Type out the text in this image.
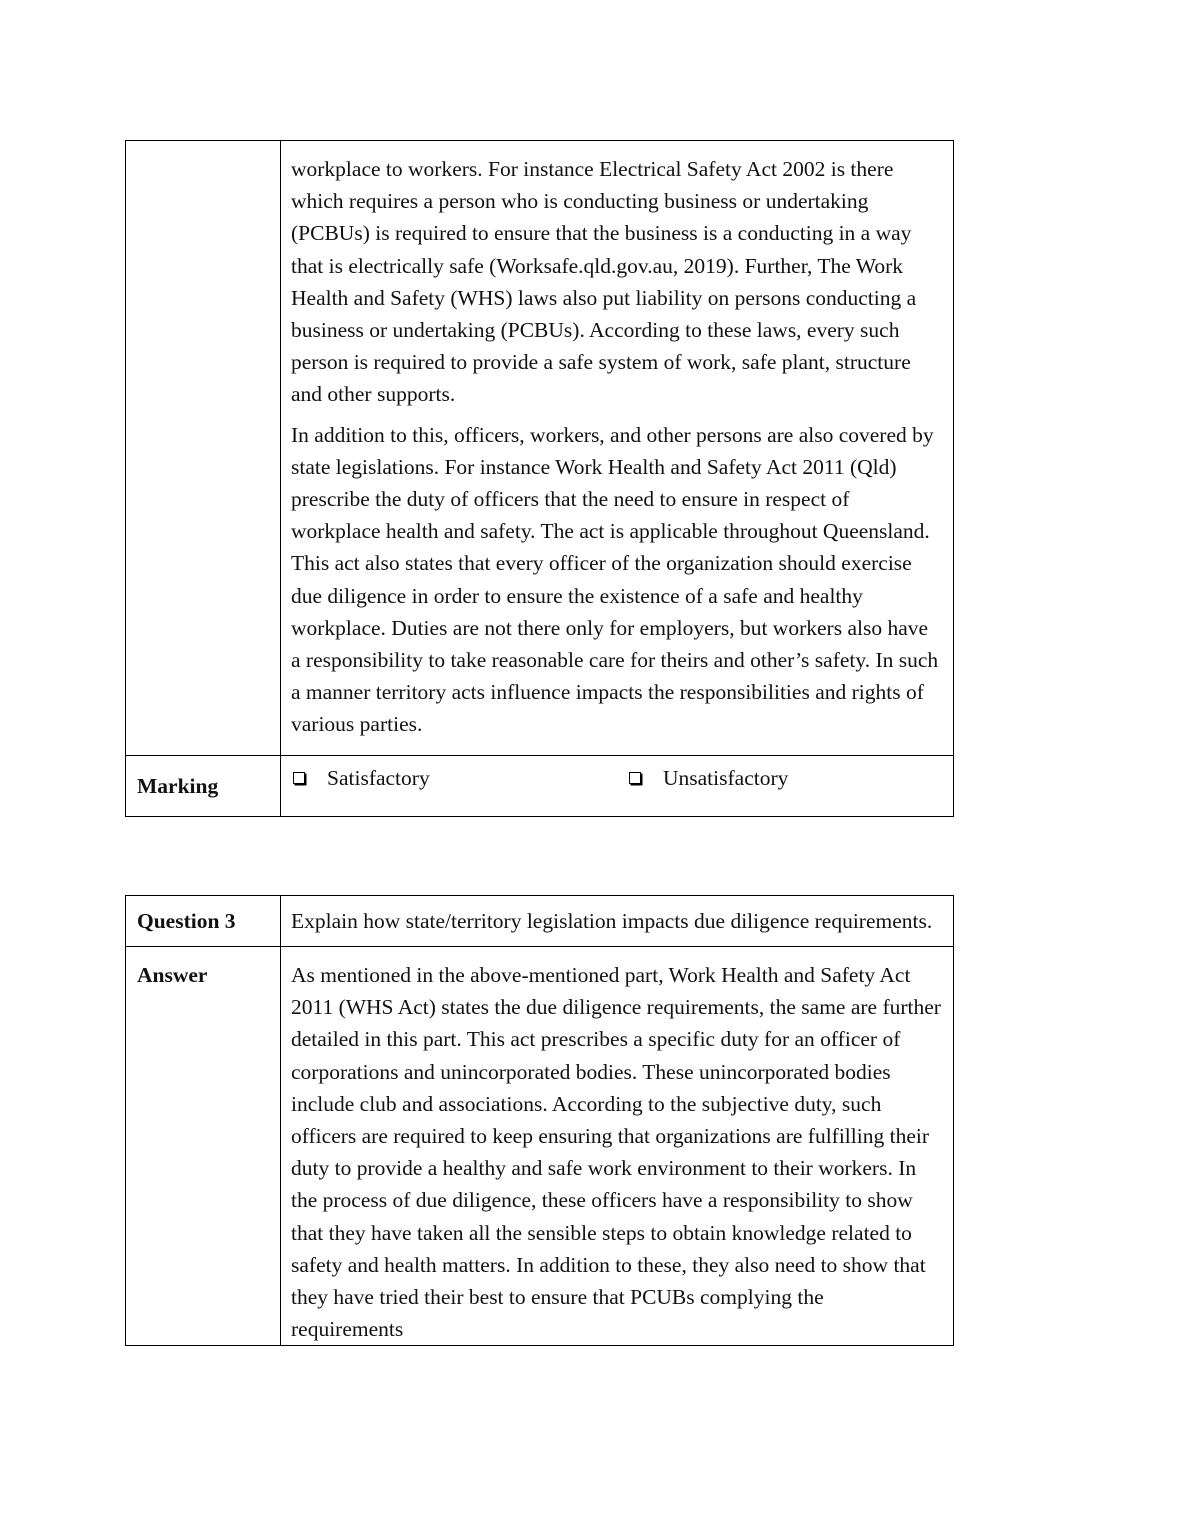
	workplace to workers. For instance Electrical Safety Act 2002 is there which requires a person who is conducting business or undertaking (PCBUs) is required to ensure that the business is a conducting in a way that is electrically safe (Worksafe.qld.gov.au, 2019). Further, The Work Health and Safety (WHS) laws also put liability on persons conducting a business or undertaking (PCBUs). According to these laws, every such person is required to provide a safe system of work, safe plant, structure and other supports.

In addition to this, officers, workers, and other persons are also covered by state legislations. For instance Work Health and Safety Act 2011 (Qld) prescribe the duty of officers that the need to ensure in respect of workplace health and safety. The act is applicable throughout Queensland. This act also states that every officer of the organization should exercise due diligence in order to ensure the existence of a safe and healthy workplace. Duties are not there only for employers, but workers also have a responsibility to take reasonable care for theirs and other’s safety. In such a manner territory acts influence impacts the responsibilities and rights of various parties.

Marking	Satisfactory Unsatisfactory
Question 3	Explain how state/territory legislation impacts due diligence requirements.
Answer	As mentioned in the above-mentioned part, Work Health and Safety Act 2011 (WHS Act) states the due diligence requirements, the same are further detailed in this part. This act prescribes a specific duty for an officer of corporations and unincorporated bodies. These unincorporated bodies include club and associations. According to the subjective duty, such officers are required to keep ensuring that organizations are fulfilling their duty to provide a healthy and safe work environment to their workers. In the process of due diligence, these officers have a responsibility to show that they have taken all the sensible steps to obtain knowledge related to safety and health matters. In addition to these, they also need to show that they have tried their best to ensure that PCUBs complying the requirements
